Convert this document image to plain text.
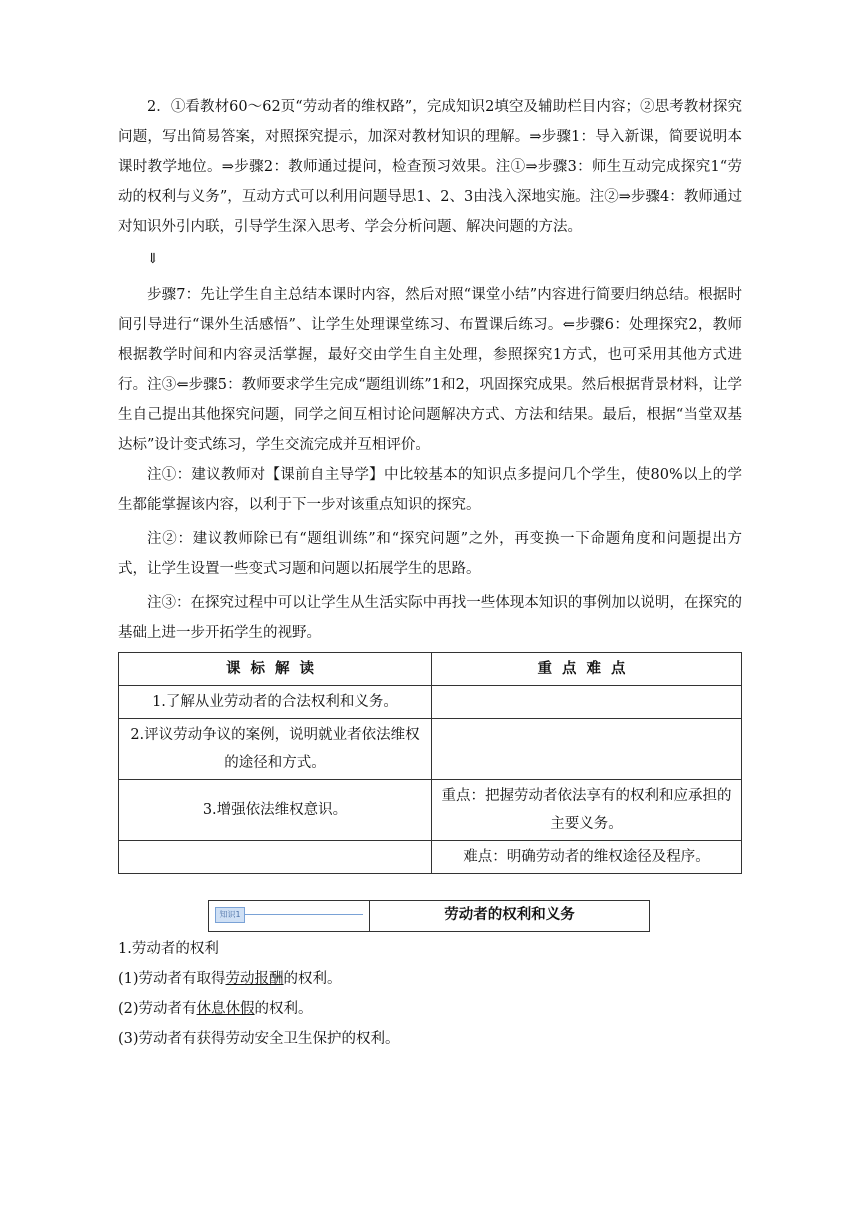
2．①看教材60～62页“劳动者的维权路”，完成知识2填空及辅助栏目内容；②思考教材探究问题，写出简易答案，对照探究提示，加深对教材知识的理解。⇒步骤1：导入新课，简要说明本课时教学地位。⇒步骤2：教师通过提问，检查预习效果。注①⇒步骤3：师生互动完成探究1“劳动的权利与义务”，互动方式可以利用问题导思1、2、3由浅入深地实施。注②⇒步骤4：教师通过对知识外引内联，引导学生深入思考、学会分析问题、解决问题的方法。

⇓

步骤7：先让学生自主总结本课时内容，然后对照“课堂小结”内容进行简要归纳总结。根据时间引导进行“课外生活感悟”、让学生处理课堂练习、布置课后练习。⇐步骤6：处理探究2，教师根据教学时间和内容灵活掌握，最好交由学生自主处理，参照探究1方式，也可采用其他方式进行。注③⇐步骤5：教师要求学生完成“题组训练”1和2，巩固探究成果。然后根据背景材料，让学生自己提出其他探究问题，同学之间互相讨论问题解决方式、方法和结果。最后，根据“当堂双基达标”设计变式练习，学生交流完成并互相评价。

注①：建议教师对【课前自主导学】中比较基本的知识点多提问几个学生，使80%以上的学生都能掌握该内容，以利于下一步对该重点知识的探究。

注②：建议教师除已有“题组训练”和“探究问题”之外，再变换一下命题角度和问题提出方式，让学生设置一些变式习题和问题以拓展学生的思路。

注③：在探究过程中可以让学生从生活实际中再找一些体现本知识的事例加以说明，在探究的基础上进一步开拓学生的视野。

课标解读	重点难点
1.了解从业劳动者的合法权利和义务。	
2.评议劳动争议的案例，说明就业者依法维权的途径和方式。	
3.增强依法维权意识。	重点：把握劳动者依法享有的权利和应承担的主要义务。
	难点：明确劳动者的维权途径及程序。
知识1	劳动者的权利和义务

1.劳动者的权利

(1)劳动者有取得劳动报酬的权利。

(2)劳动者有休息休假的权利。

(3)劳动者有获得劳动安全卫生保护的权利。
